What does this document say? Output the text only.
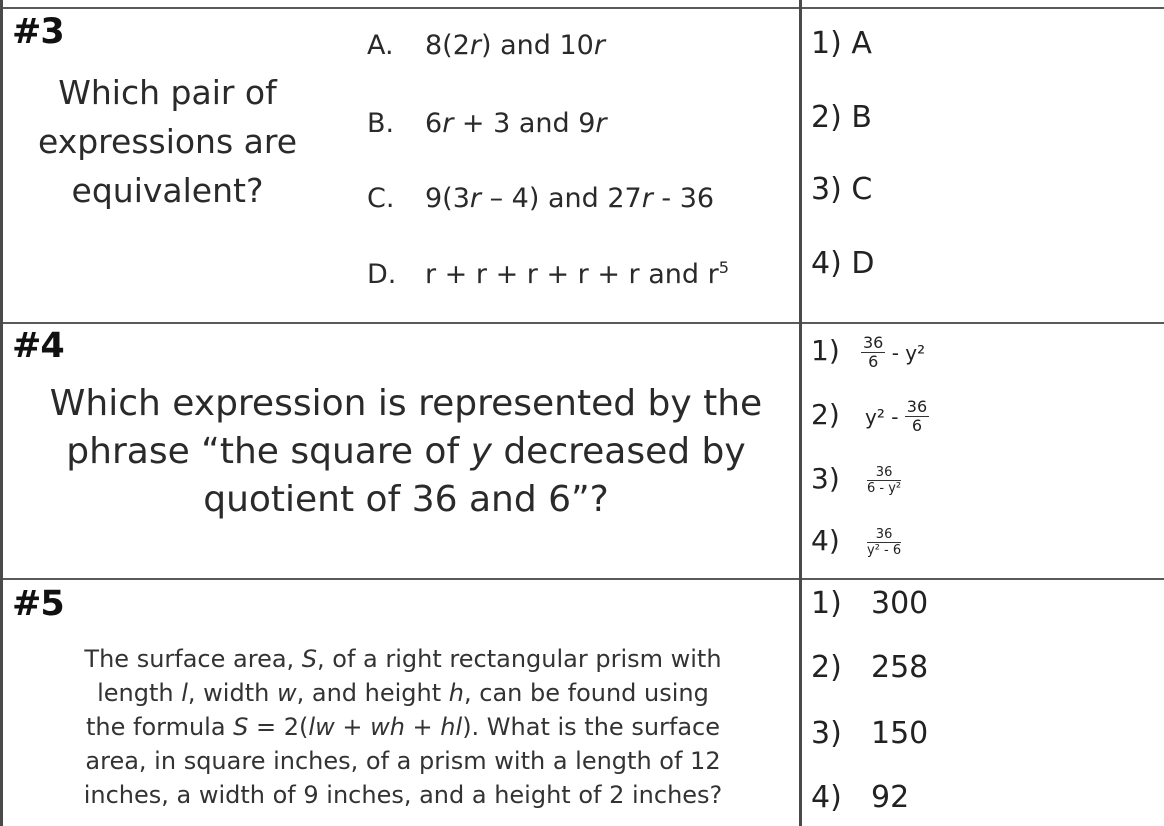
#3
Which pair of
expressions are
equivalent?
A. 8(2r) and 10r
B. 6r + 3 and 9r
C. 9(3r – 4) and 27r - 36
D. r + r + r + r + r and $r^5$
1) A
2) B
3) C
4) D
#4
Which expression is represented by the
phrase “the square of y decreased by
quotient of 36 and 6”?
$1) \frac{36}{6} - y^2$
2) $y^2 - \frac{36}{6}$
$3) \frac{36}{\text{6 - y²}}$
$4) \frac{36}{\text{y² - 6}}$
#5
The surface area, S, of a right rectangular prism with
length l, width w, and height h, can be found using
the formula S = 2(lw + wh + hl). What is the surface
area, in square inches, of a prism with a length of 12
inches, a width of 9 inches, and a height of 2 inches?
1) 300
2) 258
3) 150
4) 92
